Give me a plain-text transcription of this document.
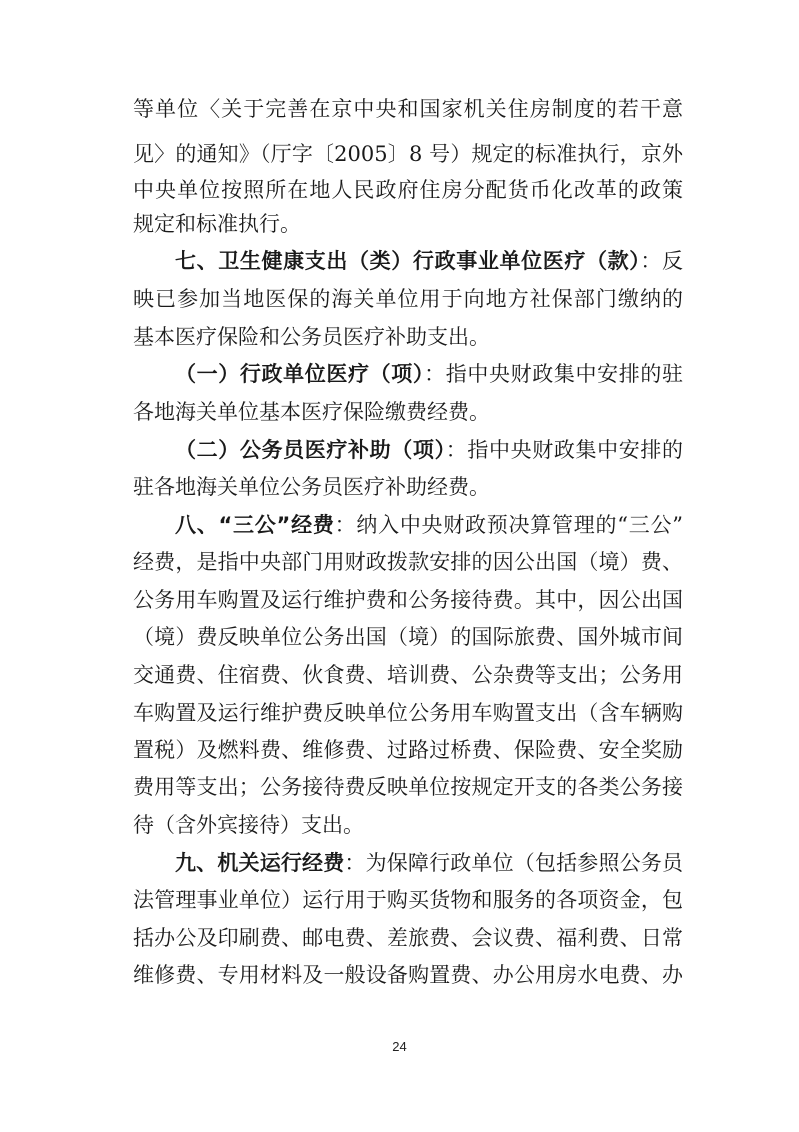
等单位〈关于完善在京中央和国家机关住房制度的若干意
见〉的通知》（厅字〔2005〕8 号）规定的标准执行，京外
中央单位按照所在地人民政府住房分配货币化改革的政策
规定和标准执行。
七、卫生健康支出（类）行政事业单位医疗（款）：反
映已参加当地医保的海关单位用于向地方社保部门缴纳的
基本医疗保险和公务员医疗补助支出。
（一）行政单位医疗（项）：指中央财政集中安排的驻
各地海关单位基本医疗保险缴费经费。
（二）公务员医疗补助（项）：指中央财政集中安排的
驻各地海关单位公务员医疗补助经费。
八、“三公”经费：纳入中央财政预决算管理的“三公”
经费，是指中央部门用财政拨款安排的因公出国（境）费、
公务用车购置及运行维护费和公务接待费。其中，因公出国
（境）费反映单位公务出国（境）的国际旅费、国外城市间
交通费、住宿费、伙食费、培训费、公杂费等支出；公务用
车购置及运行维护费反映单位公务用车购置支出（含车辆购
置税）及燃料费、维修费、过路过桥费、保险费、安全奖励
费用等支出；公务接待费反映单位按规定开支的各类公务接
待（含外宾接待）支出。
九、机关运行经费：为保障行政单位（包括参照公务员
法管理事业单位）运行用于购买货物和服务的各项资金，包
括办公及印刷费、邮电费、差旅费、会议费、福利费、日常
维修费、专用材料及一般设备购置费、办公用房水电费、办
24
